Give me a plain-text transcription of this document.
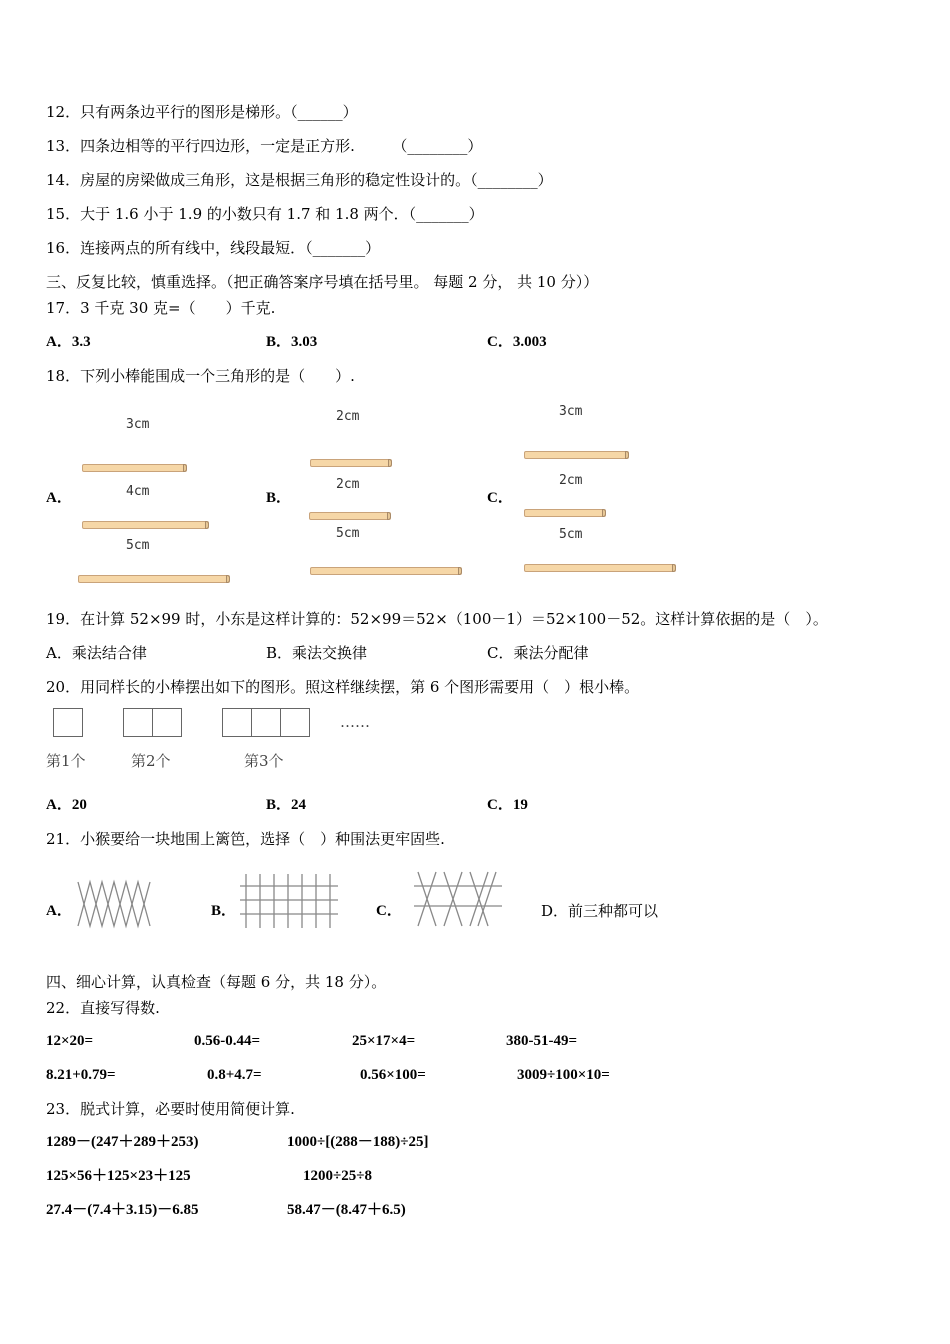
12．只有两条边平行的图形是梯形。（______）
13．四条边相等的平行四边形，一定是正方形.　　　（________）
14．房屋的房梁做成三角形，这是根据三角形的稳定性设计的。（________）
15．大于 1.6 小于 1.9 的小数只有 1.7 和 1.8 两个．（_______）
16．连接两点的所有线中，线段最短．（_______）
三、反复比较，慎重选择。（把正确答案序号填在括号里。 每题 2 分， 共 10 分））
17．3 千克 30 克=（　　）千克.
A．3.3	B．3.03	C．3.003
18．下列小棒能围成一个三角形的是（　　）.
A．	B．	C．
3cm
4cm
5cm
2cm
2cm
5cm
3cm
2cm
5cm
19．在计算 52×99 时，小东是这样计算的：52×99＝52×（100－1）＝52×100－52。这样计算依据的是（　）。
A．乘法结合律	B．乘法交换律	C．乘法分配律
20．用同样长的小棒摆出如下的图形。照这样继续摆，第 6 个图形需要用（　）根小棒。
……
第1个	第2个	第3个
A．20	B．24	C．19
21．小猴要给一块地围上篱笆，选择（　）种围法更牢固些.
A．	B．	C．	D．前三种都可以
四、细心计算，认真检查（每题 6 分，共 18 分）。
22．直接写得数.
12×20=	0.56-0.44=	25×17×4=	380-51-49=
8.21+0.79=	0.8+4.7=	0.56×100=	3009÷100×10=
23．脱式计算，必要时使用简便计算.
1289－(247＋289＋253)	1000÷[(288－188)÷25]
125×56＋125×23＋125	1200÷25÷8
27.4－(7.4＋3.15)－6.85	58.47－(8.47＋6.5)
